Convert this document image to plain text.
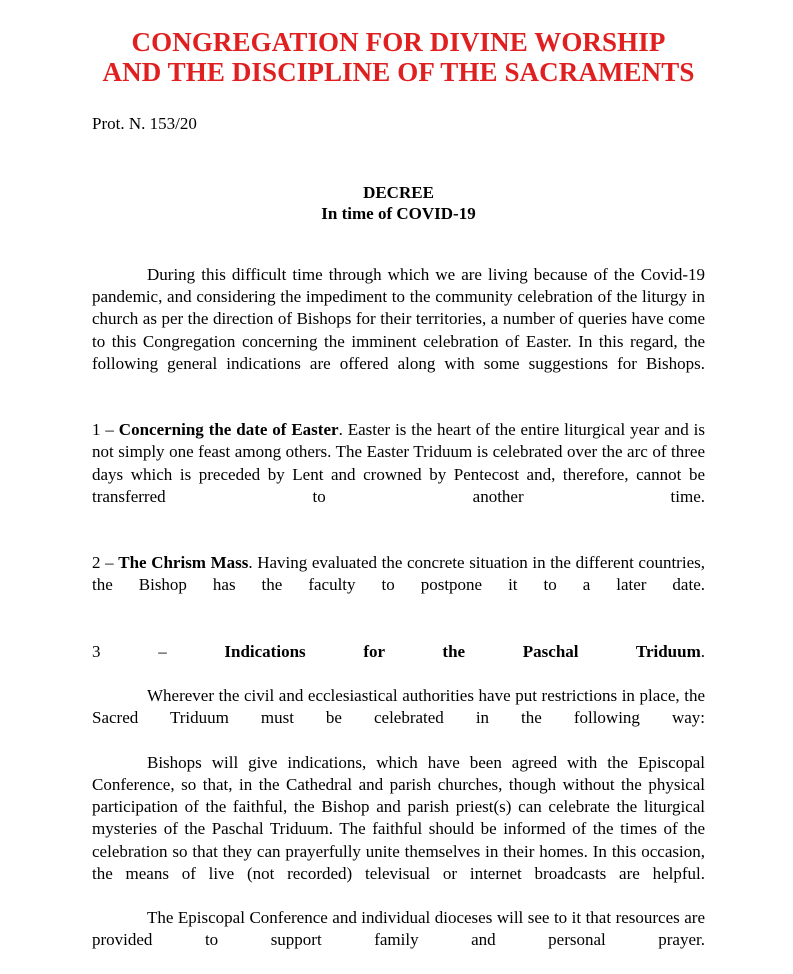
CONGREGATION FOR DIVINE WORSHIP
AND THE DISCIPLINE OF THE SACRAMENTS
Prot. N. 153/20
DECREE
In time of COVID-19

During this difficult time through which we are living because of the Covid-19 pandemic, and considering the impediment to the community celebration of the liturgy in church as per the direction of Bishops for their territories, a number of queries have come to this Congregation concerning the imminent celebration of Easter. In this regard, the following general indications are offered along with some suggestions for Bishops.

1 – Concerning the date of Easter. Easter is the heart of the entire liturgical year and is not simply one feast among others. The Easter Triduum is celebrated over the arc of three days which is preceded by Lent and crowned by Pentecost and, therefore, cannot be transferred to another time.

2 – The Chrism Mass. Having evaluated the concrete situation in the different countries, the Bishop has the faculty to postpone it to a later date.

3 – Indications for the Paschal Triduum.

Wherever the civil and ecclesiastical authorities have put restrictions in place, the Sacred Triduum must be celebrated in the following way:

Bishops will give indications, which have been agreed with the Episcopal Conference, so that, in the Cathedral and parish churches, though without the physical participation of the faithful, the Bishop and parish priest(s) can celebrate the liturgical mysteries of the Paschal Triduum. The faithful should be informed of the times of the celebration so that they can prayerfully unite themselves in their homes. In this occasion, the means of live (not recorded) televisual or internet broadcasts are helpful.

The Episcopal Conference and individual dioceses will see to it that resources are provided to support family and personal prayer.
